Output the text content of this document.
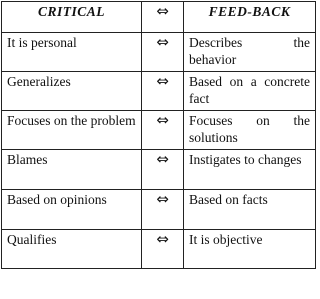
CRITICAL	⇔	FEED-BACK
It is personal	⇔	Describes the behavior
Generalizes	⇔	Based on a concrete fact
Focuses on the problem	⇔	Focuses on the solutions
Blames	⇔	Instigates to changes
Based on opinions	⇔	Based on facts
Qualifies	⇔	It is objective
